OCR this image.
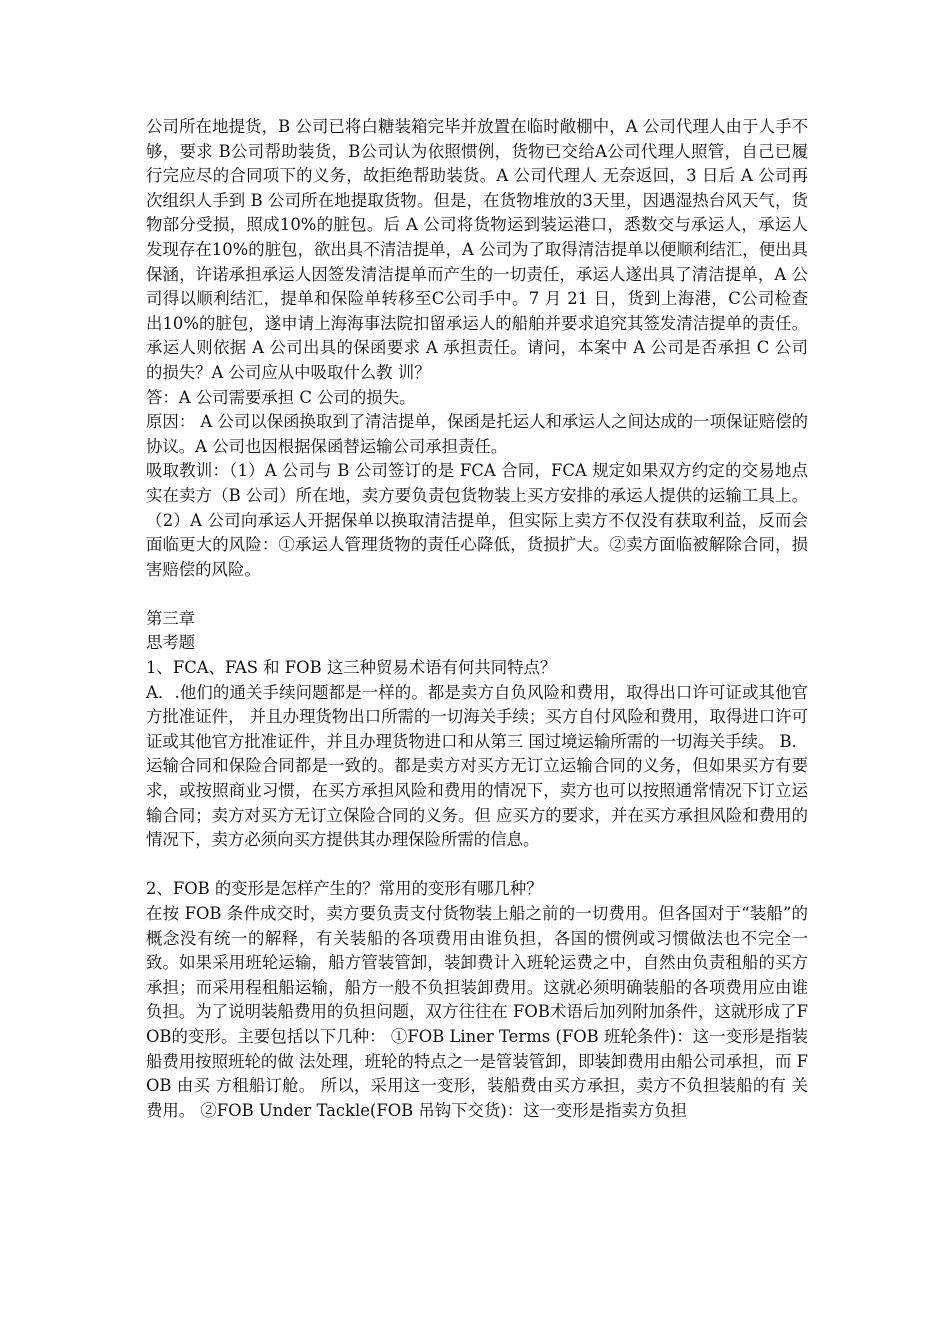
公司所在地提货，B 公司已将白糖装箱完毕并放置在临时敞棚中，A 公司代理人由于人手不够，要求 B公司帮助装货，B公司认为依照惯例，货物已交给A公司代理人照管，自己已履行完应尽的合同项下的义务，故拒绝帮助装货。A 公司代理人 无奈返回，3 日后 A 公司再次组织人手到 B 公司所在地提取货物。但是，在货物堆放的3天里，因遇湿热台风天气，货物部分受损，照成10%的脏包。后 A 公司将货物运到装运港口，悉数交与承运人，承运人发现存在10%的脏包，欲出具不清洁提单，A 公司为了取得清洁提单以便顺利结汇，便出具保涵，许诺承担承运人因签发清洁提单而产生的一切责任，承运人遂出具了清洁提单，A 公司得以顺利结汇，提单和保险单转移至C公司手中。7 月 21 日，货到上海港，C公司检查出10%的脏包，遂申请上海海事法院扣留承运人的船舶并要求追究其签发清洁提单的责任。承运人则依据 A 公司出具的保函要求 A 承担责任。请问，本案中 A 公司是否承担 C 公司的损失？A 公司应从中吸取什么教 训？

答：A 公司需要承担 C 公司的损失。

原因： A 公司以保函换取到了清洁提单，保函是托运人和承运人之间达成的一项保证赔偿的协议。A 公司也因根据保函替运输公司承担责任。

吸取教训：（1）A 公司与 B 公司签订的是 FCA 合同，FCA 规定如果双方约定的交易地点实在卖方（B 公司）所在地，卖方要负责包货物装上买方安排的承运人提供的运输工具上。（2）A 公司向承运人开据保单以换取清洁提单，但实际上卖方不仅没有获取利益，反而会面临更大的风险：①承运人管理货物的责任心降低，货损扩大。②卖方面临被解除合同，损害赔偿的风险。

第三章

思考题

1、FCA、FAS 和 FOB 这三种贸易术语有何共同特点？

A．.他们的通关手续问题都是一样的。都是卖方自负风险和费用，取得出口许可证或其他官方批准证件， 并且办理货物出口所需的一切海关手续；买方自付风险和费用，取得进口许可证或其他官方批准证件，并且办理货物进口和从第三 国过境运输所需的一切海关手续。 B．运输合同和保险合同都是一致的。都是卖方对买方无订立运输合同的义务，但如果买方有要求，或按照商业习惯，在买方承担风险和费用的情况下，卖方也可以按照通常情况下订立运输合同；卖方对买方无订立保险合同的义务。但 应买方的要求，并在买方承担风险和费用的情况下，卖方必须向买方提供其办理保险所需的信息。

2、FOB 的变形是怎样产生的？常用的变形有哪几种？

在按 FOB 条件成交时，卖方要负责支付货物装上船之前的一切费用。但各国对于“装船”的概念没有统一的解释，有关装船的各项费用由谁负担，各国的惯例或习惯做法也不完全一致。如果采用班轮运输，船方管装管卸，装卸费计入班轮运费之中，自然由负责租船的买方承担；而采用程租船运输，船方一般不负担装卸费用。这就必须明确装船的各项费用应由谁负担。为了说明装船费用的负担问题，双方往往在 FOB术语后加列附加条件，这就形成了FOB的变形。主要包括以下几种： ①FOB Liner Terms (FOB 班轮条件)：这一变形是指装船费用按照班轮的做 法处理，班轮的特点之一是管装管卸，即装卸费用由船公司承担，而 FOB 由买 方租船订舱。 所以，采用这一变形，装船费由买方承担，卖方不负担装船的有 关费用。 ②FOB Under Tackle(FOB 吊钩下交货)：这一变形是指卖方负担
